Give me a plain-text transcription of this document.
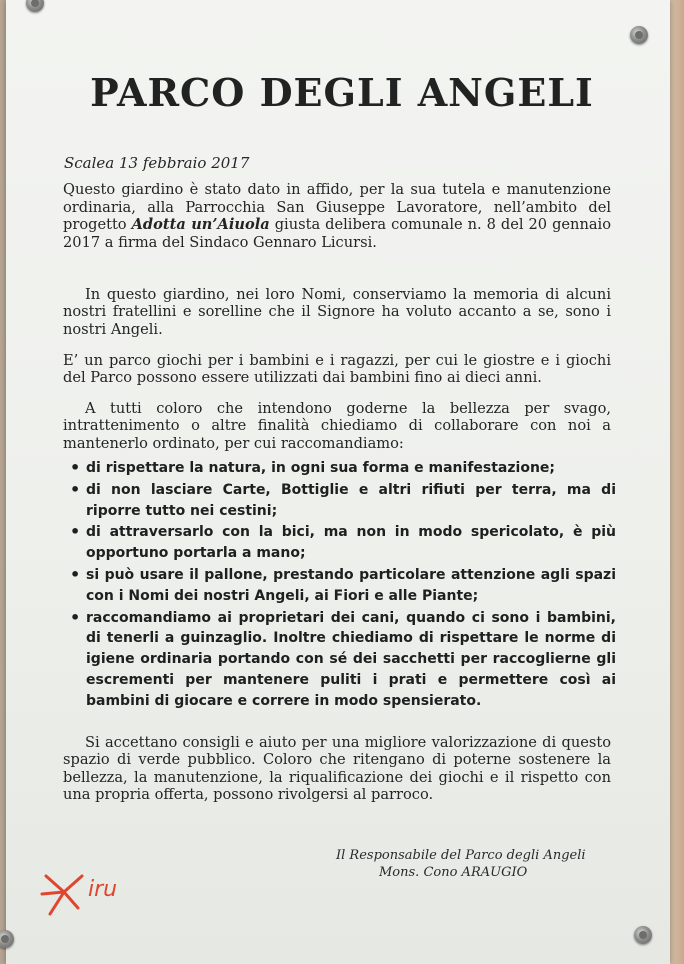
PARCO DEGLI ANGELI
Scalea 13 febbraio 2017
Questo giardino è stato dato in affido, per la sua tutela e manutenzione ordinaria, alla Parrocchia San Giuseppe Lavoratore, nell’ambito del progetto Adotta un’Aiuola giusta delibera comunale n. 8 del 20 gennaio 2017 a firma del Sindaco Gennaro Licursi.

In questo giardino, nei loro Nomi, conserviamo la memoria di alcuni nostri fratellini e sorelline che il Signore ha voluto accanto a se, sono i nostri Angeli.

E’ un parco giochi per i bambini e i ragazzi, per cui le giostre e i giochi del Parco possono essere utilizzati dai bambini fino ai dieci anni.

A tutti coloro che intendono goderne la bellezza per svago, intrattenimento o altre finalità chiediamo di collaborare con noi a mantenerlo ordinato, per cui raccomandiamo:

• di rispettare la natura, in ogni sua forma e manifestazione;
• di non lasciare Carte, Bottiglie e altri rifiuti per terra, ma di riporre tutto nei cestini;
• di attraversarlo con la bici, ma non in modo spericolato, è più opportuno portarla a mano;
• si può usare il pallone, prestando particolare attenzione agli spazi con i Nomi dei nostri Angeli, ai Fiori e alle Piante;
• raccomandiamo ai proprietari dei cani, quando ci sono i bambini, di tenerli a guinzaglio. Inoltre chiediamo di rispettare le norme di igiene ordinaria portando con sé dei sacchetti per raccoglierne gli escrementi per mantenere puliti i prati e permettere così ai bambini di giocare e correre in modo spensierato.

Si accettano consigli e aiuto per una migliore valorizzazione di questo spazio di verde pubblico. Coloro che ritengano di poterne sostenere la bellezza, la manutenzione, la riqualificazione dei giochi e il rispetto con una propria offerta, possono rivolgersi al parroco.

Il Responsabile del Parco degli Angeli
Mons. Cono ARAUGIO
iru
